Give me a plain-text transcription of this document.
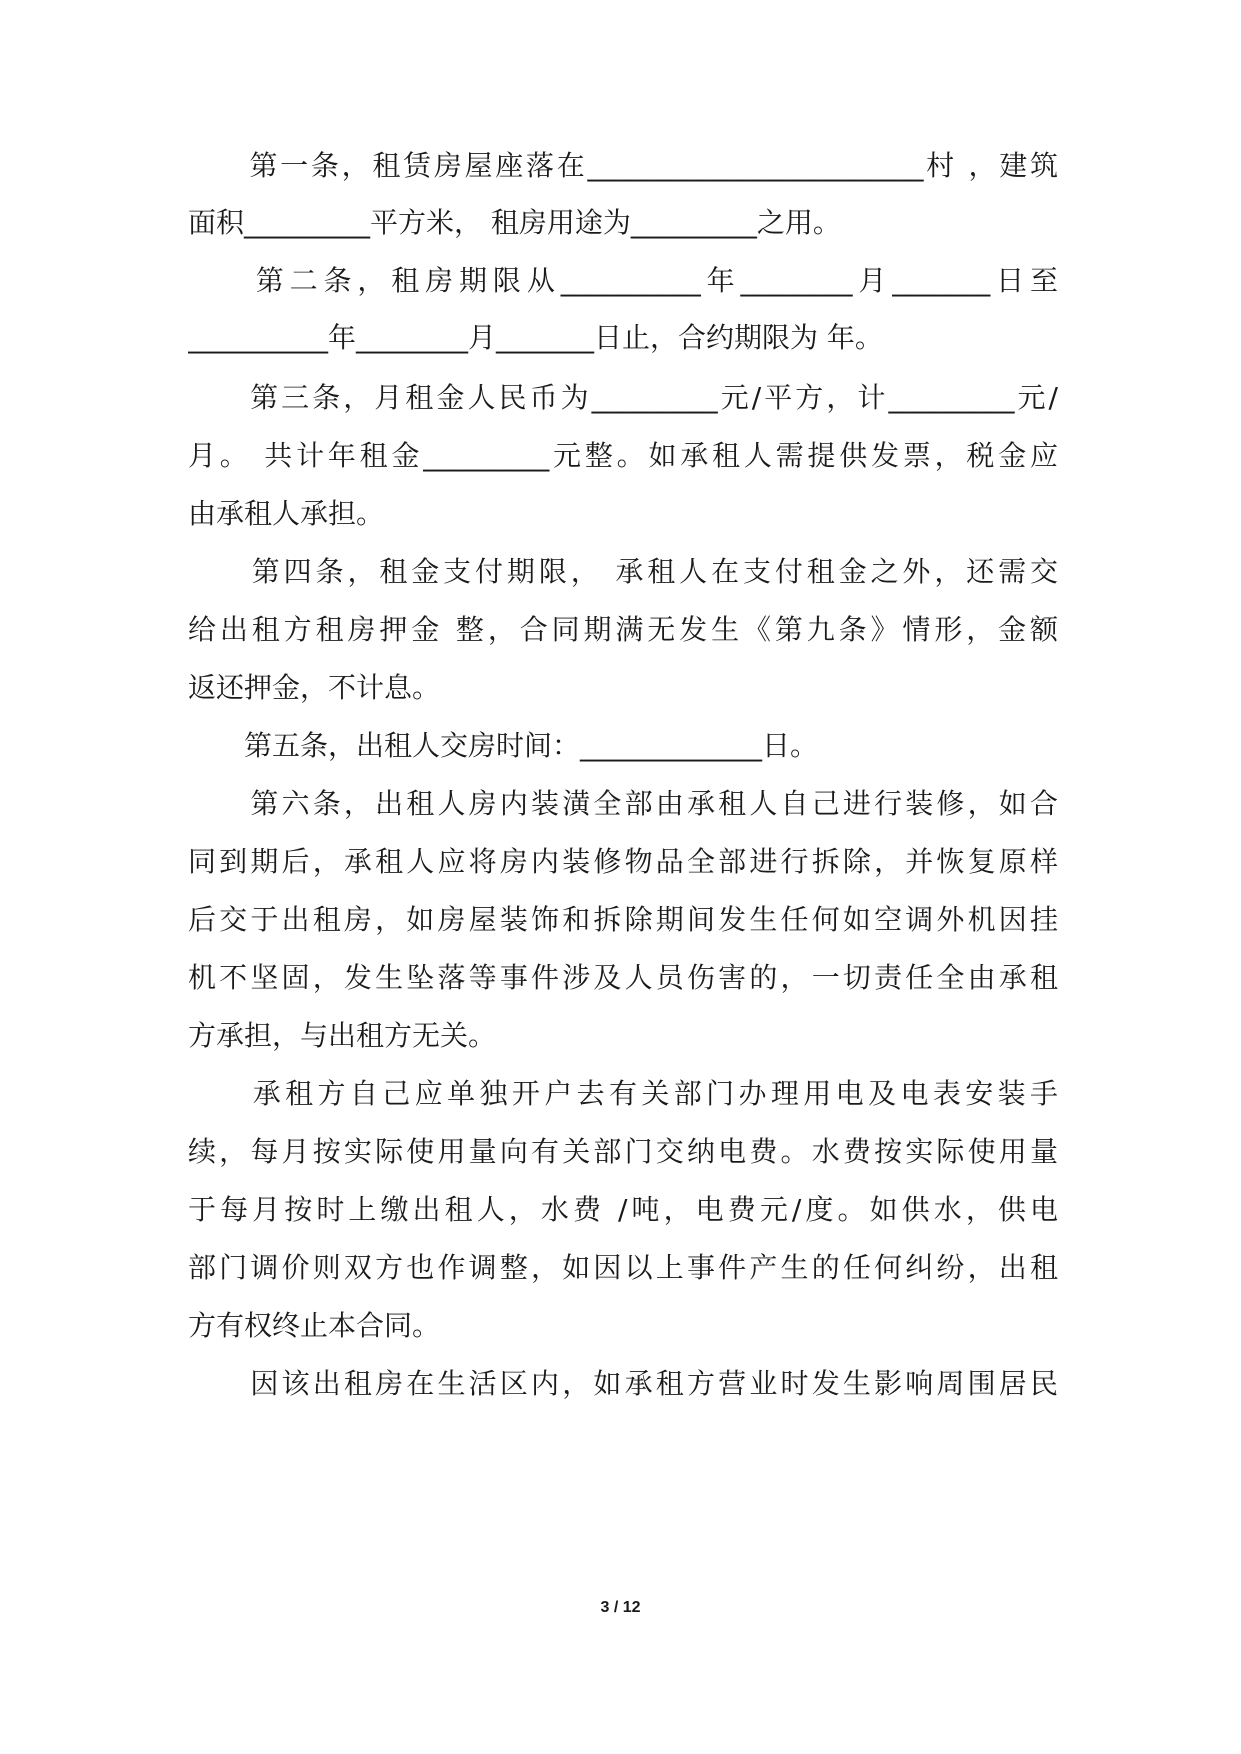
　　第一条，租赁房屋座落在________________________村 ，建筑
面积_________平方米， 租房用途为_________之用。
　　第二条，租房期限从__________年________月_______日至
__________年________月_______日止，合约期限为 年。
　　第三条，月租金人民币为_________元/平方，计_________元/
月。 共计年租金_________元整。如承租人需提供发票，税金应
由承租人承担。
　　第四条，租金支付期限， 承租人在支付租金之外，还需交
给出租方租房押金 整，合同期满无发生《第九条》情形，金额
返还押金，不计息。
　　第五条，出租人交房时间：_____________日。
　　第六条，出租人房内装潢全部由承租人自己进行装修，如合
同到期后，承租人应将房内装修物品全部进行拆除，并恢复原样
后交于出租房，如房屋装饰和拆除期间发生任何如空调外机因挂
机不坚固，发生坠落等事件涉及人员伤害的，一切责任全由承租
方承担，与出租方无关。
　　承租方自己应单独开户去有关部门办理用电及电表安装手
续，每月按实际使用量向有关部门交纳电费。水费按实际使用量
于每月按时上缴出租人，水费 /吨，电费元/度。如供水，供电
部门调价则双方也作调整，如因以上事件产生的任何纠纷，出租
方有权终止本合同。
　　因该出租房在生活区内，如承租方营业时发生影响周围居民
3 / 12
